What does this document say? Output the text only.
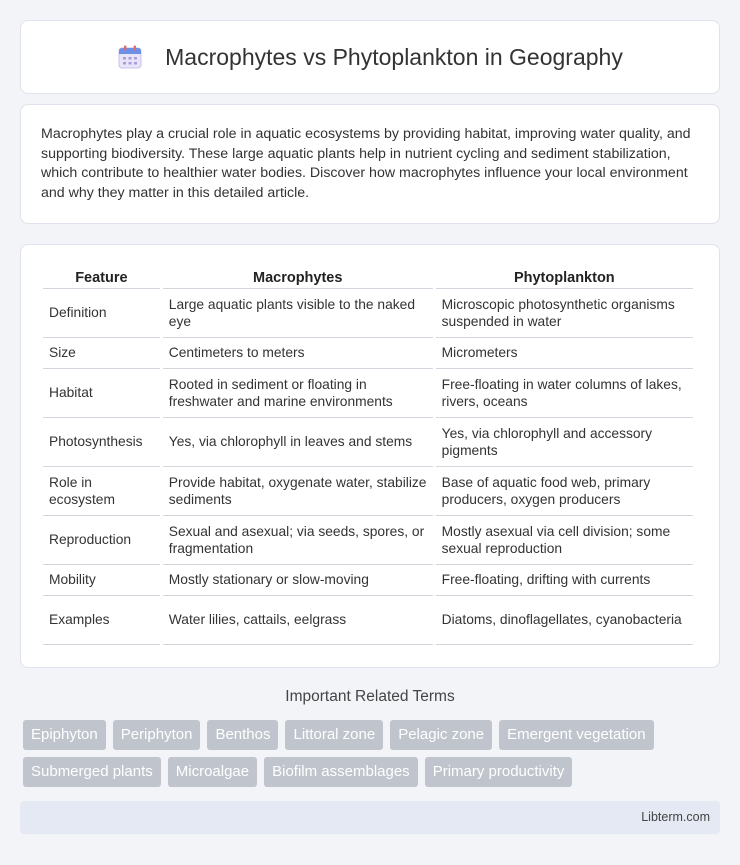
Macrophytes vs Phytoplankton in Geography

Macrophytes play a crucial role in aquatic ecosystems by providing habitat, improving water quality, and supporting biodiversity. These large aquatic plants help in nutrient cycling and sediment stabilization, which contribute to healthier water bodies. Discover how macrophytes influence your local environment and why they matter in this detailed article.

Feature	Macrophytes	Phytoplankton
Definition	Large aquatic plants visible to the naked eye	Microscopic photosynthetic organisms suspended in water
Size	Centimeters to meters	Micrometers
Habitat	Rooted in sediment or floating in freshwater and marine environments	Free-floating in water columns of lakes, rivers, oceans
Photosynthesis	Yes, via chlorophyll in leaves and stems	Yes, via chlorophyll and accessory pigments
Role in ecosystem	Provide habitat, oxygenate water, stabilize sediments	Base of aquatic food web, primary producers, oxygen producers
Reproduction	Sexual and asexual; via seeds, spores, or fragmentation	Mostly asexual via cell division; some sexual reproduction
Mobility	Mostly stationary or slow-moving	Free-floating, drifting with currents
Examples	Water lilies, cattails, eelgrass	Diatoms, dinoflagellates, cyanobacteria
Important Related Terms
Epiphyton	Periphyton	Benthos	Littoral zone	Pelagic zone	Emergent vegetation
Submerged plants	Microalgae	Biofilm assemblages	Primary productivity
Libterm.com
